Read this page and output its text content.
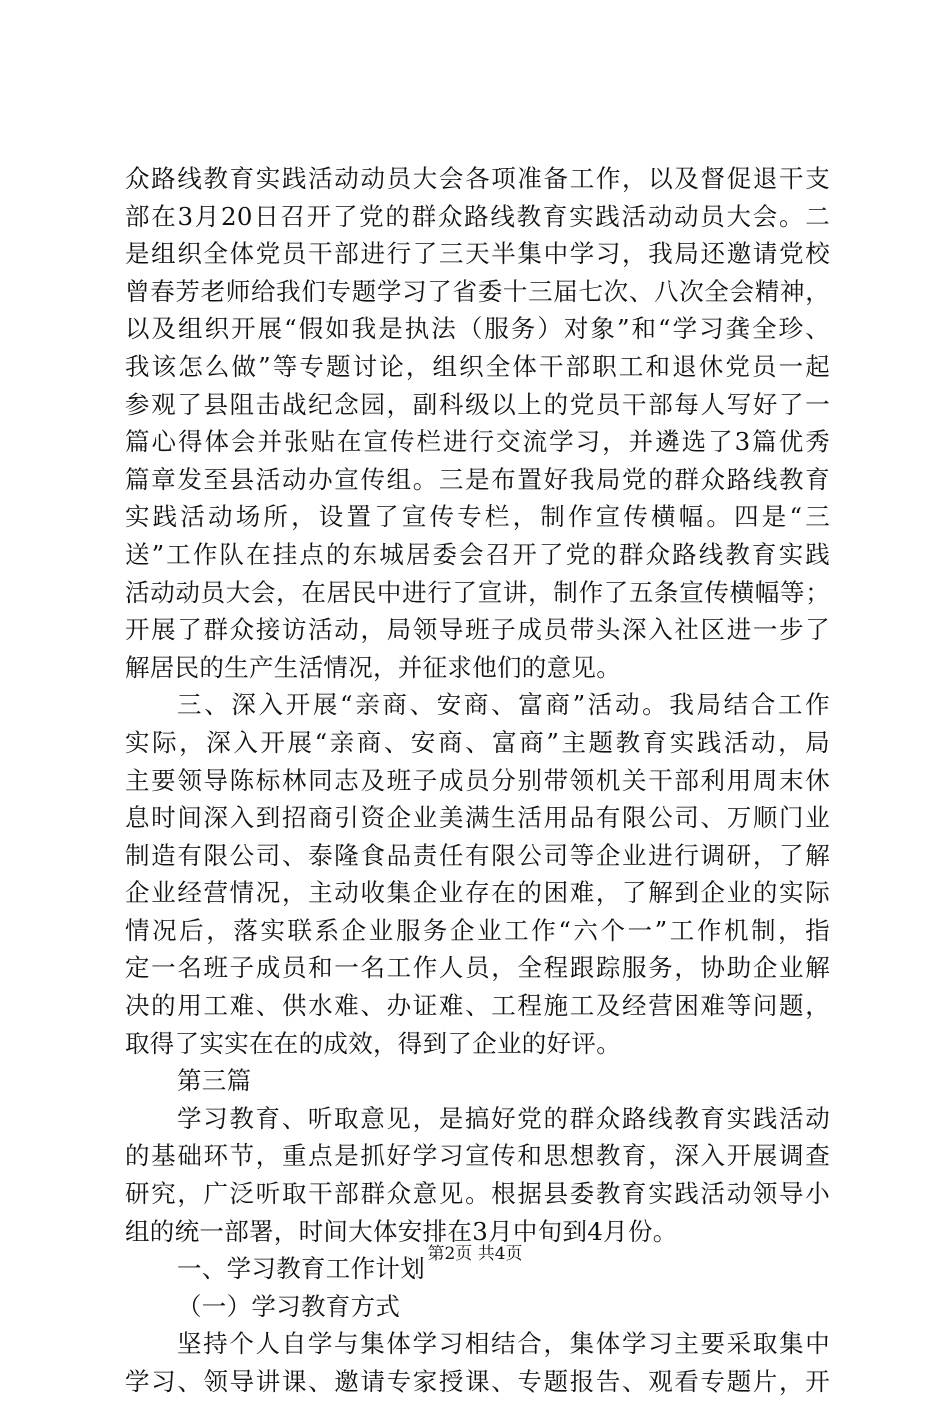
众路线教育实践活动动员大会各项准备工作，以及督促退干支
部在3月20日召开了党的群众路线教育实践活动动员大会。二
是组织全体党员干部进行了三天半集中学习，我局还邀请党校
曾春芳老师给我们专题学习了省委十三届七次、八次全会精神，
以及组织开展“假如我是执法（服务）对象”和“学习龚全珍、
我该怎么做”等专题讨论，组织全体干部职工和退休党员一起
参观了县阻击战纪念园，副科级以上的党员干部每人写好了一
篇心得体会并张贴在宣传栏进行交流学习，并遴选了3篇优秀
篇章发至县活动办宣传组。三是布置好我局党的群众路线教育
实践活动场所，设置了宣传专栏，制作宣传横幅。四是“三
送”工作队在挂点的东城居委会召开了党的群众路线教育实践
活动动员大会，在居民中进行了宣讲，制作了五条宣传横幅等；
开展了群众接访活动，局领导班子成员带头深入社区进一步了
解居民的生产生活情况，并征求他们的意见。
三、深入开展“亲商、安商、富商”活动。我局结合工作
实际，深入开展“亲商、安商、富商”主题教育实践活动，局
主要领导陈标林同志及班子成员分别带领机关干部利用周末休
息时间深入到招商引资企业美满生活用品有限公司、万顺门业
制造有限公司、泰隆食品责任有限公司等企业进行调研，了解
企业经营情况，主动收集企业存在的困难，了解到企业的实际
情况后，落实联系企业服务企业工作“六个一”工作机制，指
定一名班子成员和一名工作人员，全程跟踪服务，协助企业解
决的用工难、供水难、办证难、工程施工及经营困难等问题，
取得了实实在在的成效，得到了企业的好评。
第三篇
学习教育、听取意见，是搞好党的群众路线教育实践活动
的基础环节，重点是抓好学习宣传和思想教育，深入开展调查
研究，广泛听取干部群众意见。根据县委教育实践活动领导小
组的统一部署，时间大体安排在3月中旬到4月份。
一、学习教育工作计划
（一）学习教育方式
坚持个人自学与集体学习相结合，集体学习主要采取集中
学习、领导讲课、邀请专家授课、专题报告、观看专题片，开
第2页 共4页
